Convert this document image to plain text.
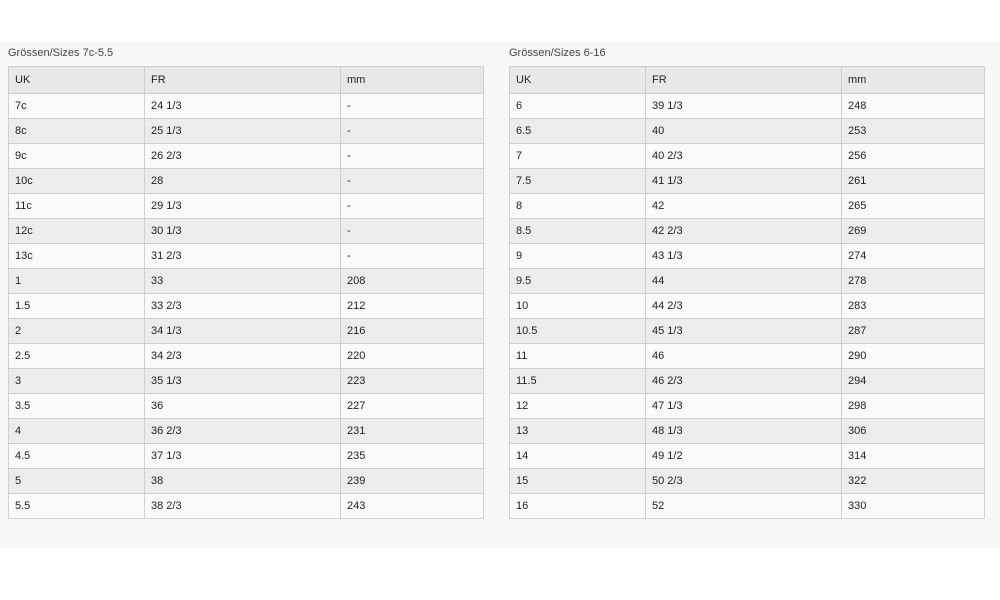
Grössen/Sizes 7c-5.5
UK	FR	mm
7c	24 1/3	-
8c	25 1/3	-
9c	26 2/3	-
10c	28	-
11c	29 1/3	-
12c	30 1/3	-
13c	31 2/3	-
1	33	208
1.5	33 2/3	212
2	34 1/3	216
2.5	34 2/3	220
3	35 1/3	223
3.5	36	227
4	36 2/3	231
4.5	37 1/3	235
5	38	239
5.5	38 2/3	243
Grössen/Sizes 6-16
UK	FR	mm
6	39 1/3	248
6.5	40	253
7	40 2/3	256
7.5	41 1/3	261
8	42	265
8.5	42 2/3	269
9	43 1/3	274
9.5	44	278
10	44 2/3	283
10.5	45 1/3	287
11	46	290
11.5	46 2/3	294
12	47 1/3	298
13	48 1/3	306
14	49 1/2	314
15	50 2/3	322
16	52	330
